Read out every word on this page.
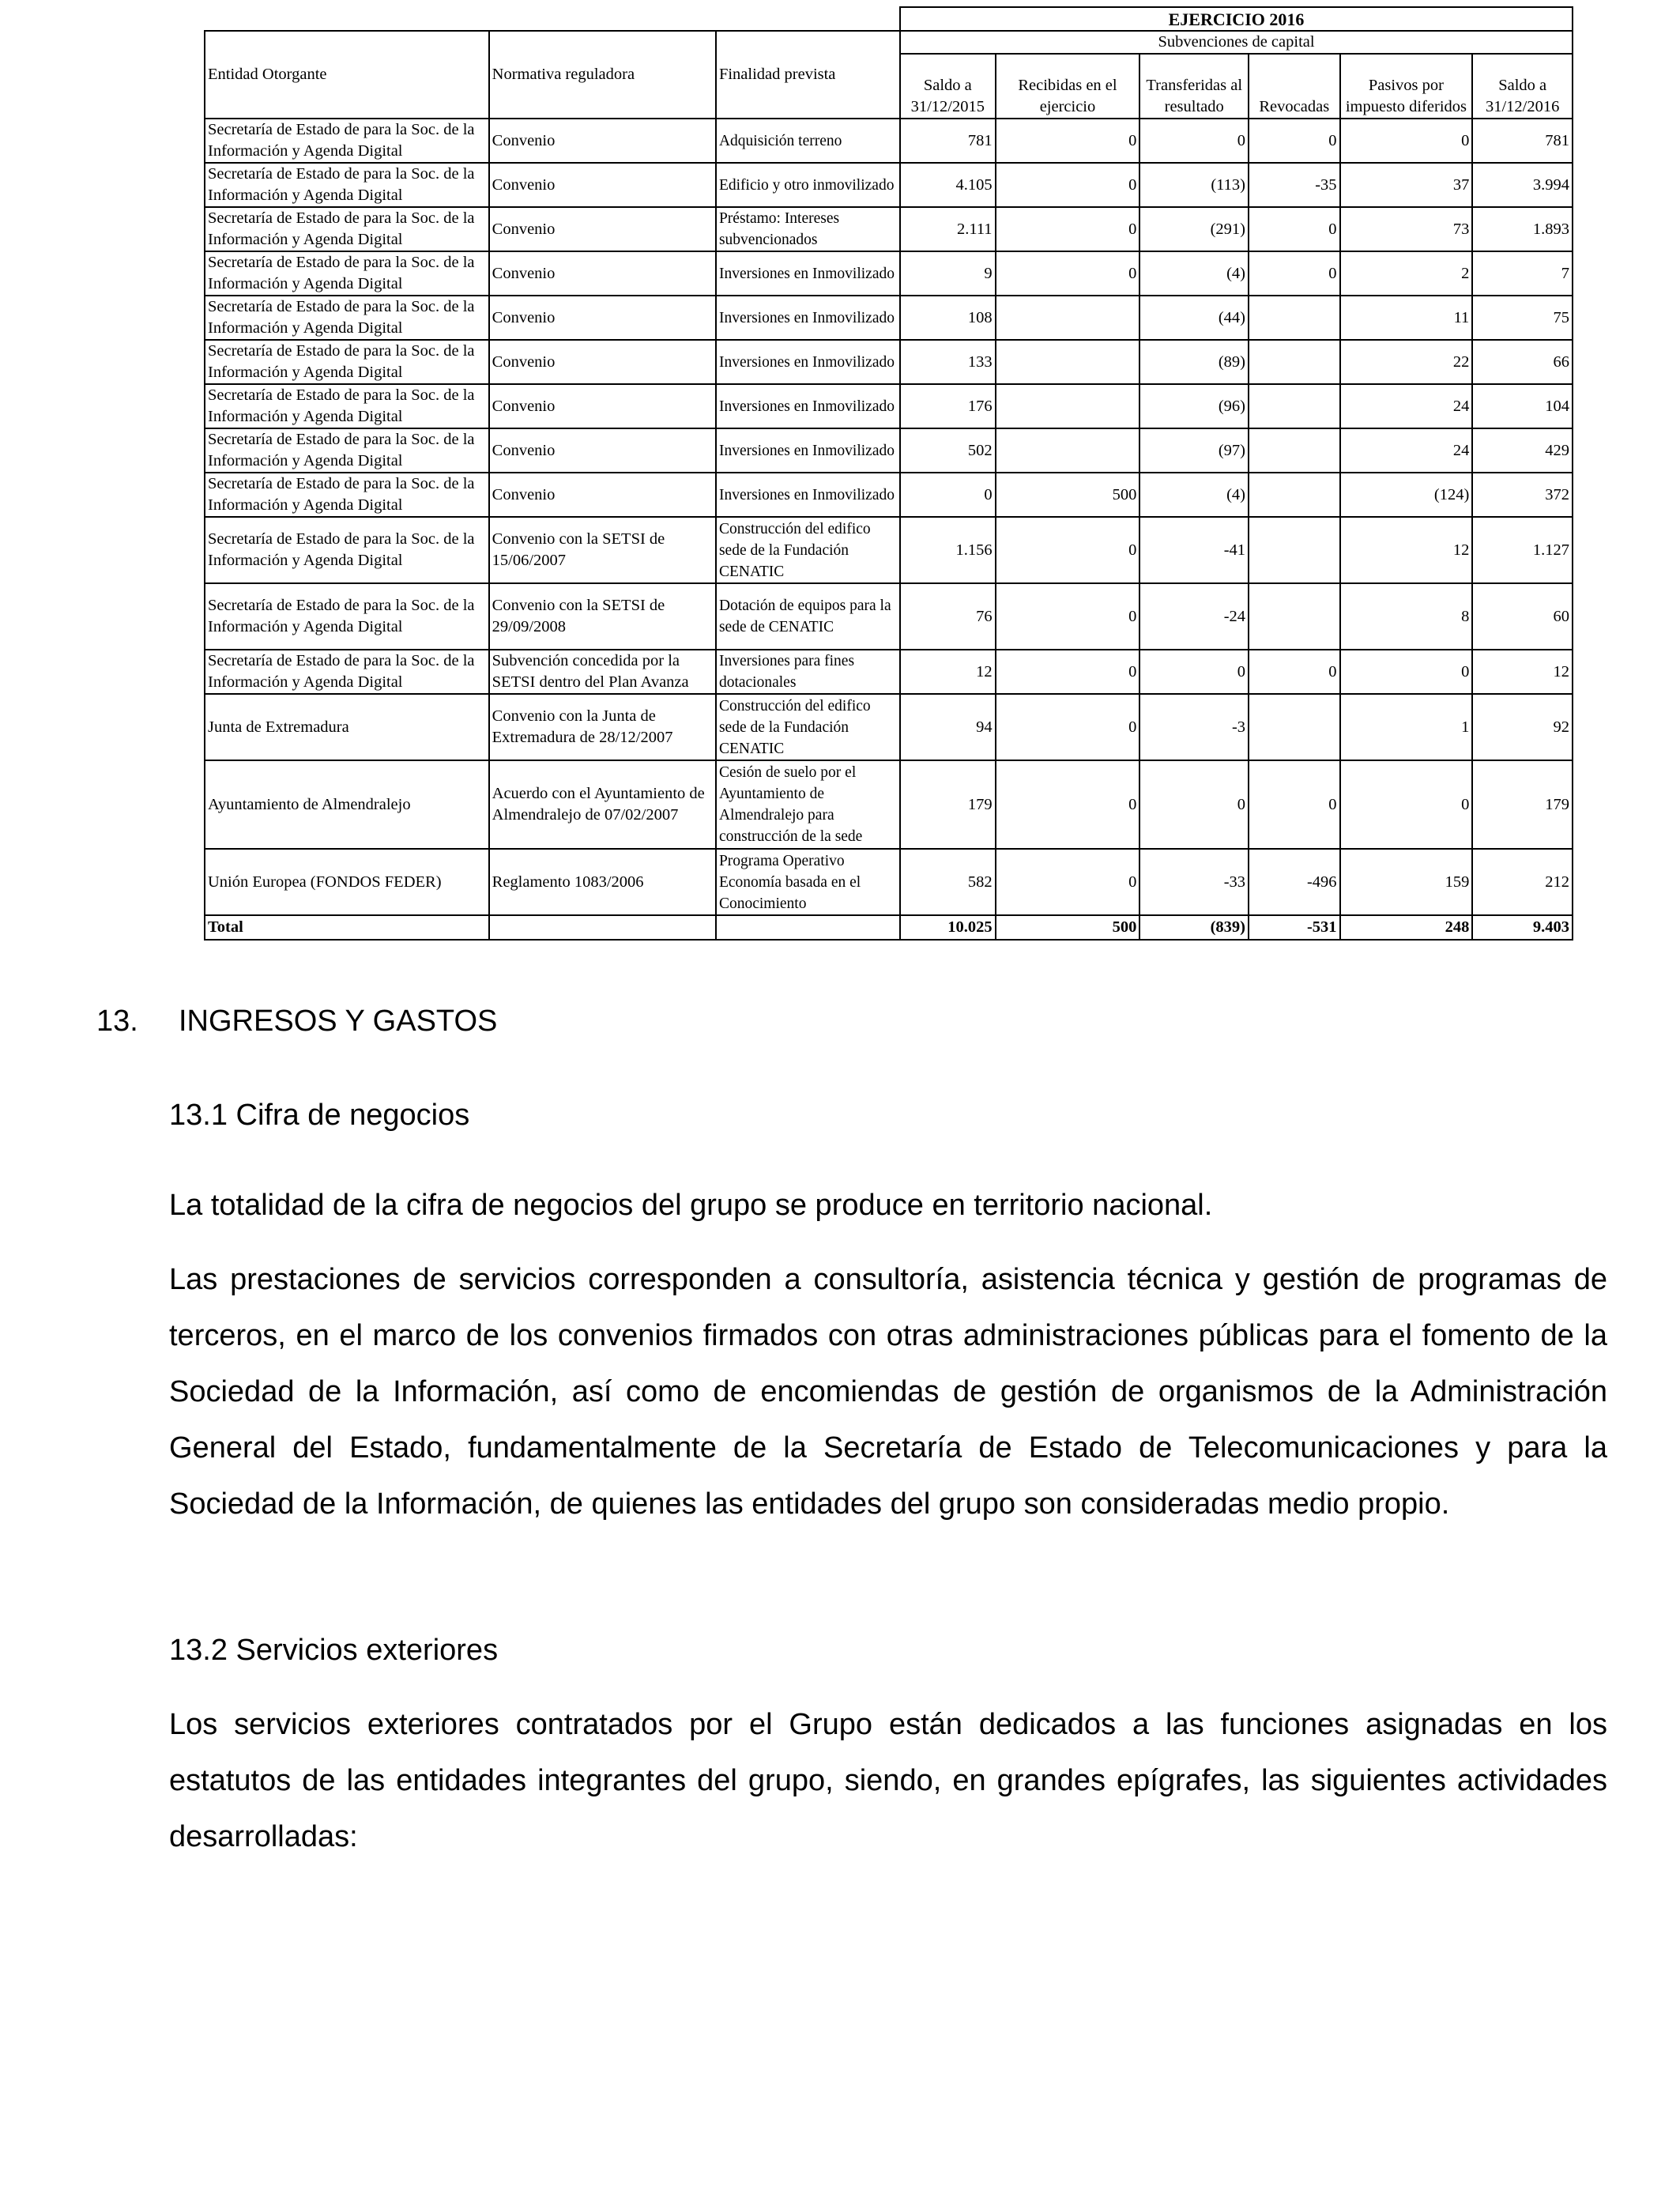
			EJERCICIO 2016					
Entidad Otorgante	Normativa reguladora	Finalidad prevista	Subvenciones de capital					
			Saldo a 31/12/2015	Recibidas en el ejercicio	Transferidas al resultado	Revocadas	Pasivos por impuesto diferidos	Saldo a 31/12/2016

Secretaría de Estado de para la Soc. de la Información y Agenda Digital	Convenio	Adquisición terreno	781	0	0	0	0	781
Secretaría de Estado de para la Soc. de la Información y Agenda Digital	Convenio	Edificio y otro inmovilizado	4.105	0	(113)	-35	37	3.994
Secretaría de Estado de para la Soc. de la Información y Agenda Digital	Convenio	Préstamo: Intereses subvencionados	2.111	0	(291)	0	73	1.893
Secretaría de Estado de para la Soc. de la Información y Agenda Digital	Convenio	Inversiones en Inmovilizado	9	0	(4)	0	2	7
Secretaría de Estado de para la Soc. de la Información y Agenda Digital	Convenio	Inversiones en Inmovilizado	108		(44)		11	75
Secretaría de Estado de para la Soc. de la Información y Agenda Digital	Convenio	Inversiones en Inmovilizado	133		(89)		22	66
Secretaría de Estado de para la Soc. de la Información y Agenda Digital	Convenio	Inversiones en Inmovilizado	176		(96)		24	104
Secretaría de Estado de para la Soc. de la Información y Agenda Digital	Convenio	Inversiones en Inmovilizado	502		(97)		24	429
Secretaría de Estado de para la Soc. de la Información y Agenda Digital	Convenio	Inversiones en Inmovilizado	0	500	(4)		(124)	372
Secretaría de Estado de para la Soc. de la Información y Agenda Digital	Convenio con la SETSI de 15/06/2007	Construcción del edifico sede de la Fundación CENATIC	1.156	0	-41		12	1.127
Secretaría de Estado de para la Soc. de la Información y Agenda Digital	Convenio con la SETSI de 29/09/2008	Dotación de equipos para la sede de CENATIC	76	0	-24		8	60
Secretaría de Estado de para la Soc. de la Información y Agenda Digital	Subvención concedida por la SETSI dentro del Plan Avanza	Inversiones para fines dotacionales	12	0	0	0	0	12
Junta de Extremadura	Convenio con la Junta de Extremadura de 28/12/2007	Construcción del edifico sede de la Fundación CENATIC	94	0	-3		1	92
Ayuntamiento de Almendralejo	Acuerdo con el Ayuntamiento de Almendralejo de 07/02/2007	Cesión de suelo por el Ayuntamiento de Almendralejo para construcción de la sede	179	0	0	0	0	179
Unión Europea (FONDOS FEDER)	Reglamento 1083/2006	Programa Operativo Economía basada en el Conocimiento	582	0	-33	-496	159	212
Total			10.025	500	(839)	-531	248	9.403
13. INGRESOS Y GASTOS
13.1 Cifra de negocios
La totalidad de la cifra de negocios del grupo se produce en territorio nacional.
Las prestaciones de servicios corresponden a consultoría, asistencia técnica y gestión de programas de terceros, en el marco de los convenios firmados con otras administraciones públicas para el fomento de la Sociedad de la Información, así como de encomiendas de gestión de organismos de la Administración General del Estado, fundamentalmente de la Secretaría de Estado de Telecomunicaciones y para la Sociedad de la Información, de quienes las entidades del grupo son consideradas medio propio.
13.2 Servicios exteriores
Los servicios exteriores contratados por el Grupo están dedicados a las funciones asignadas en los estatutos de las entidades integrantes del grupo, siendo, en grandes epígrafes, las siguientes actividades desarrolladas:
